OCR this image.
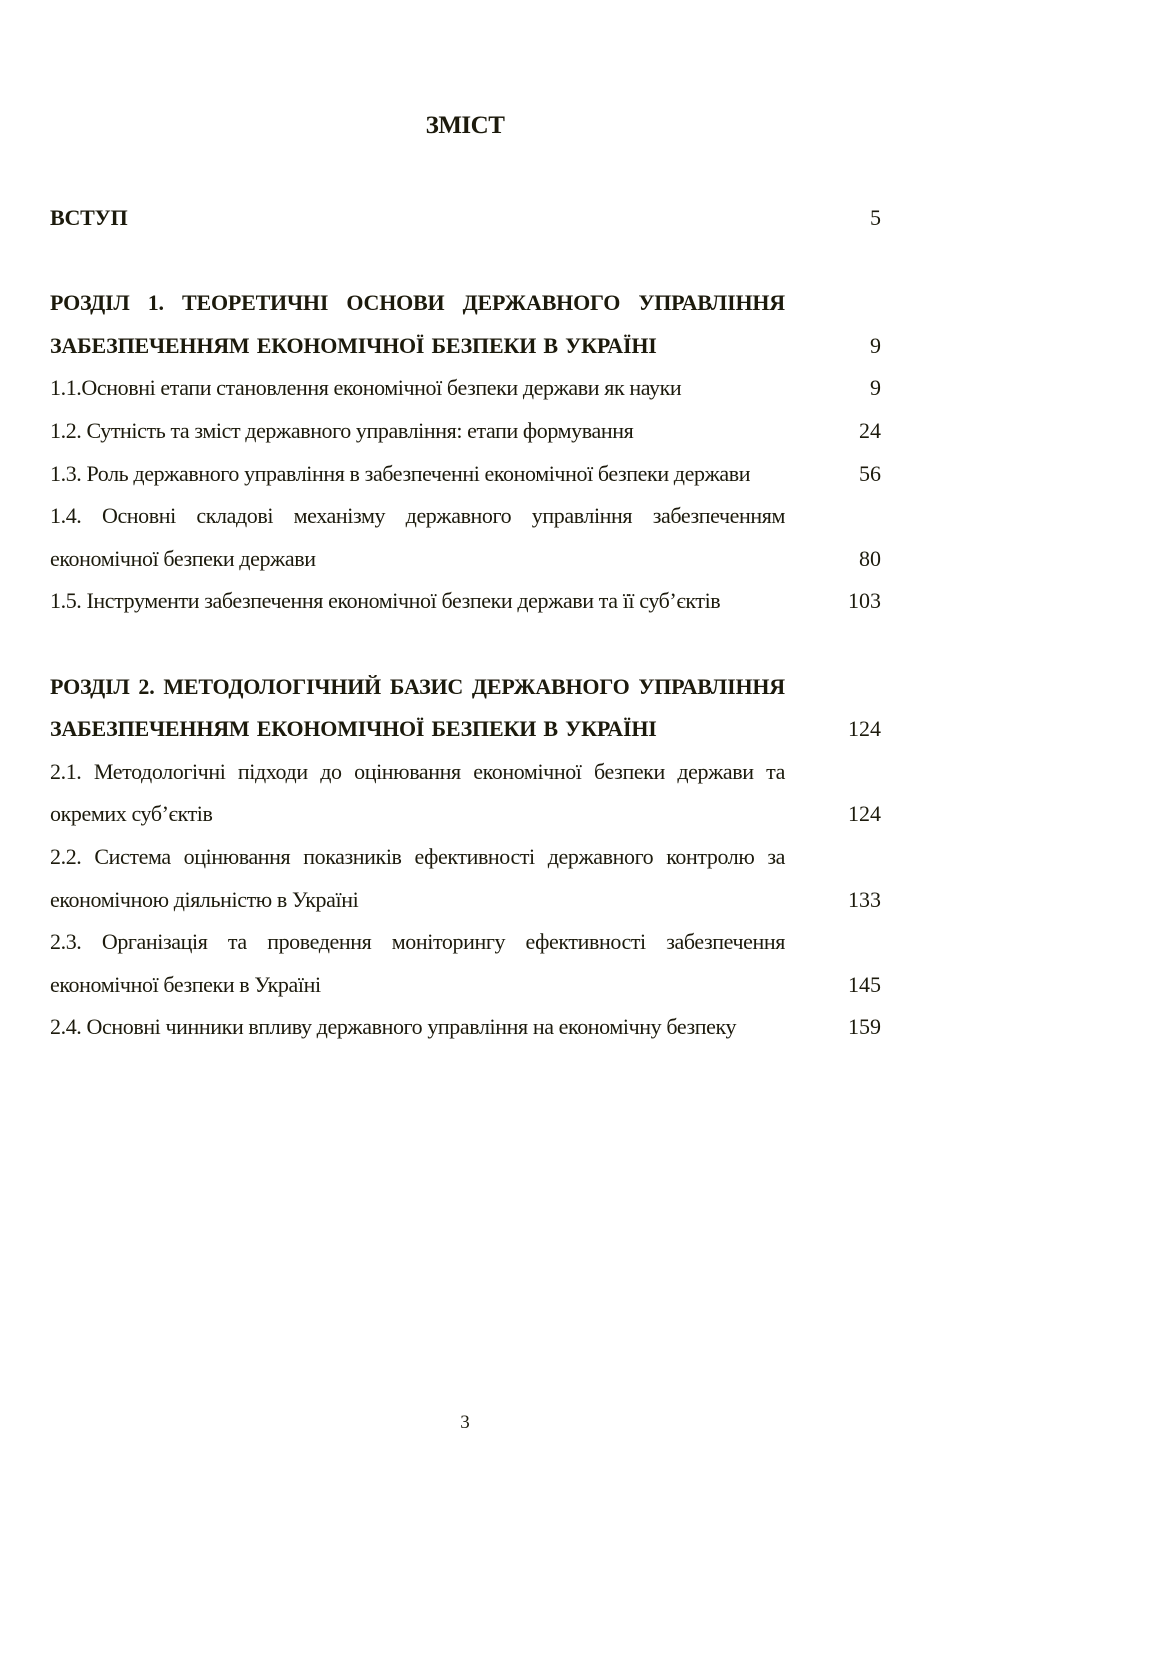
ЗМІСТ
ВСТУП	5
РОЗДІЛ 1. ТЕОРЕТИЧНІ ОСНОВИ ДЕРЖАВНОГО УПРАВЛІННЯ ЗАБЕЗПЕЧЕННЯМ ЕКОНОМІЧНОЇ БЕЗПЕКИ В УКРАЇНІ	9
1.1.Основні етапи становлення економічної безпеки держави як науки	9
1.2. Сутність та зміст державного управління: етапи формування	24
1.3. Роль державного управління в забезпеченні економічної безпеки держави	56
1.4. Основні складові механізму державного управління забезпеченням економічної безпеки держави	80
1.5. Інструменти забезпечення економічної безпеки держави та її суб’єктів	103
РОЗДІЛ 2. МЕТОДОЛОГІЧНИЙ БАЗИС ДЕРЖАВНОГО УПРАВЛІННЯ ЗАБЕЗПЕЧЕННЯМ ЕКОНОМІЧНОЇ БЕЗПЕКИ В УКРАЇНІ	124
2.1. Методологічні підходи до оцінювання економічної безпеки держави та окремих суб’єктів	124
2.2. Система оцінювання показників ефективності державного контролю за економічною діяльністю в Україні	133
2.3. Організація та проведення моніторингу ефективності забезпечення економічної безпеки в Україні	145
2.4. Основні чинники впливу державного управління на економічну безпеку	159
3
